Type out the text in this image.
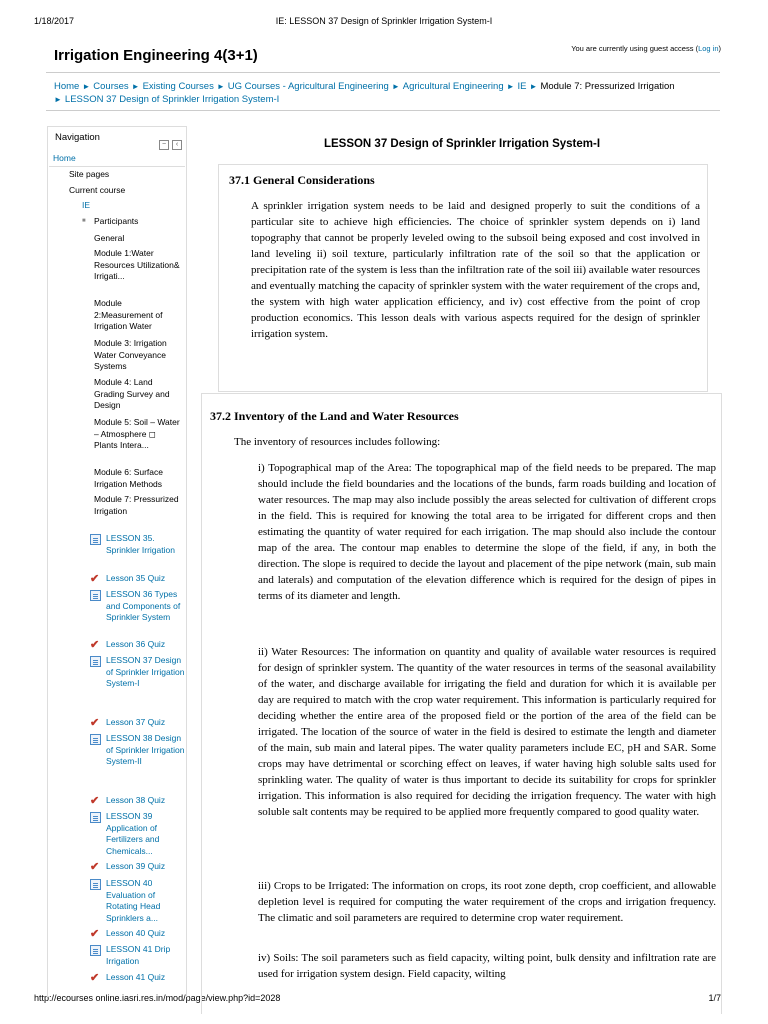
1/18/2017	IE: LESSON 37 Design of Sprinkler Irrigation System-I
http://ecourses online.iasri.res.in/mod/page/view.php?id=2028	1/7
Irrigation Engineering 4(3+1)	You are currently using guest access (Log in)
Home ► Courses ► Existing Courses ► UG Courses - Agricultural Engineering ► Agricultural Engineering ► IE ► Module 7: Pressurized Irrigation
► LESSON 37 Design of Sprinkler Irrigation System-I
Navigation
− ‹
Home
Site pages
Current course
IE
■ Participants
General
Module 1:Water Resources Utilization& Irrigati...
Module 2:Measurement of Irrigation Water
Module 3: Irrigation Water Conveyance Systems
Module 4: Land Grading Survey and Design
Module 5: Soil – Water – Atmosphere ◻ Plants Intera...
Module 6: Surface Irrigation Methods
Module 7: Pressurized Irrigation
LESSON 35. Sprinkler Irrigation
✔ Lesson 35 Quiz
LESSON 36 Types and Components of Sprinkler System
✔ Lesson 36 Quiz
LESSON 37 Design of Sprinkler Irrigation System-I
✔ Lesson 37 Quiz
LESSON 38 Design of Sprinkler Irrigation System-II
✔ Lesson 38 Quiz
LESSON 39 Application of Fertilizers and Chemicals...
✔ Lesson 39 Quiz
LESSON 40 Evaluation of Rotating Head Sprinklers a...
✔ Lesson 40 Quiz
LESSON 41 Drip Irrigation
✔ Lesson 41 Quiz
LESSON 37 Design of Sprinkler Irrigation System-I
37.1 General Considerations
A sprinkler irrigation system needs to be laid and designed properly to suit the conditions of a particular site to achieve high efficiencies. The choice of sprinkler system depends on i) land topography that cannot be properly leveled owing to the subsoil being exposed and cost involved in land leveling ii) soil texture, particularly infiltration rate of the soil so that the application or precipitation rate of the system is less than the infiltration rate of the soil iii) available water resources and eventually matching the capacity of sprinkler system with the water requirement of the crops and, the system with high water application efficiency, and iv) cost effective from the point of crop production economics. This lesson deals with various aspects required for the design of sprinkler irrigation system.
37.2 Inventory of the Land and Water Resources
The inventory of resources includes following:
i) Topographical map of the Area: The topographical map of the field needs to be prepared. The map should include the field boundaries and the locations of the bunds, farm roads building and location of water resources. The map may also include possibly the areas selected for cultivation of different crops in the field. This is required for knowing the total area to be irrigated for different crops and then estimating the quantity of water required for each irrigation. The map should also include the contour map of the area. The contour map enables to determine the slope of the field, if any, in both the direction. The slope is required to decide the layout and placement of the pipe network (main, sub main and laterals) and computation of the elevation difference which is required for the design of pipes in terms of its diameter and length.
ii) Water Resources: The information on quantity and quality of available water resources is required for design of sprinkler system. The quantity of the water resources in terms of the seasonal availability of the water, and discharge available for irrigating the field and duration for which it is available per day are required to match with the crop water requirement. This information is particularly required for deciding whether the entire area of the proposed field or the portion of the area of the field can be irrigated. The location of the source of water in the field is desired to estimate the length and diameter of the main, sub main and lateral pipes. The water quality parameters include EC, pH and SAR. Some crops may have detrimental or scorching effect on leaves, if water having high soluble salts used for sprinkling water. The quality of water is thus important to decide its suitability for crops for sprinkler irrigation. This information is also required for deciding the irrigation frequency. The water with high soluble salt contents may be required to be applied more frequently compared to good quality water.
iii) Crops to be Irrigated: The information on crops, its root zone depth, crop coefficient, and allowable depletion level is required for computing the water requirement of the crops and irrigation frequency. The climatic and soil parameters are required to determine crop water requirement.
iv) Soils: The soil parameters such as field capacity, wilting point, bulk density and infiltration rate are used for irrigation system design. Field capacity, wilting
